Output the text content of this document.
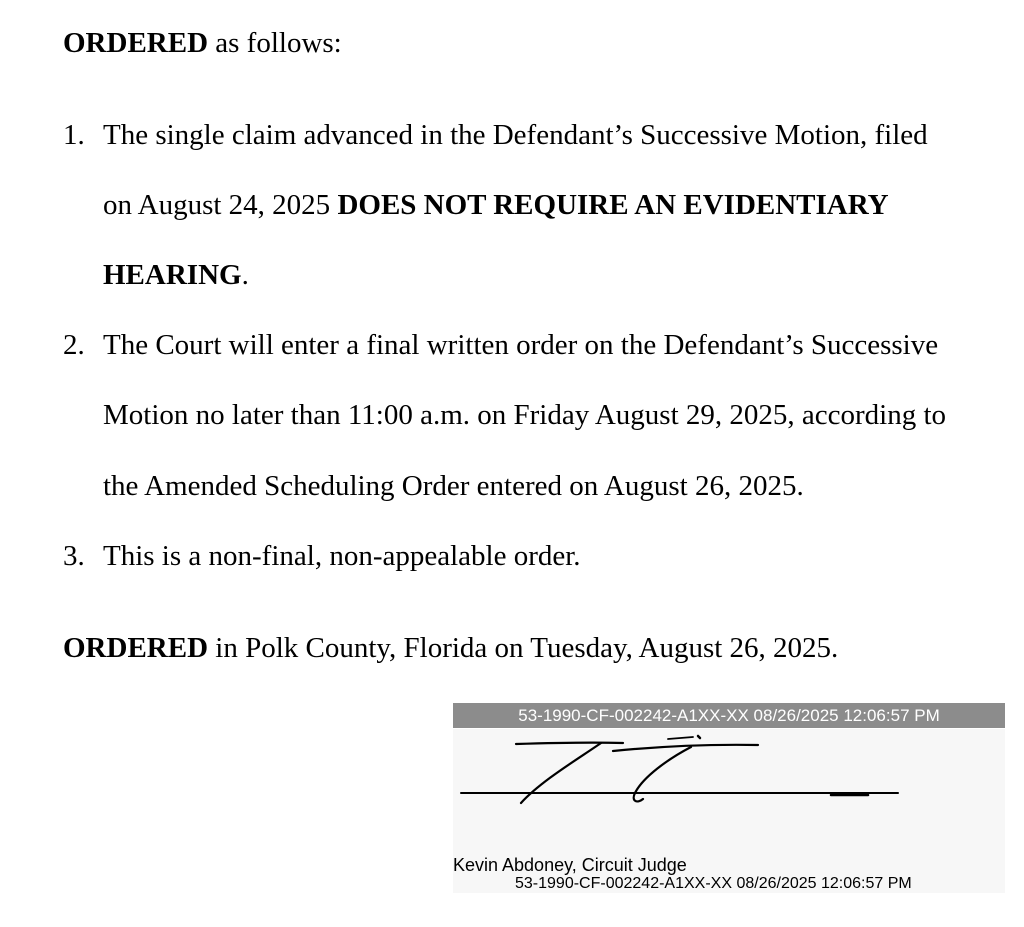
ORDERED as follows:
1. The single claim advanced in the Defendant’s Successive Motion, filed
on August 24, 2025 DOES NOT REQUIRE AN EVIDENTIARY
HEARING.
2. The Court will enter a final written order on the Defendant’s Successive
Motion no later than 11:00 a.m. on Friday August 29, 2025, according to
the Amended Scheduling Order entered on August 26, 2025.
3. This is a non-final, non-appealable order.
ORDERED in Polk County, Florida on Tuesday, August 26, 2025.
53-1990-CF-002242-A1XX-XX 08/26/2025 12:06:57 PM
Kevin Abdoney, Circuit Judge
53-1990-CF-002242-A1XX-XX 08/26/2025 12:06:57 PM
